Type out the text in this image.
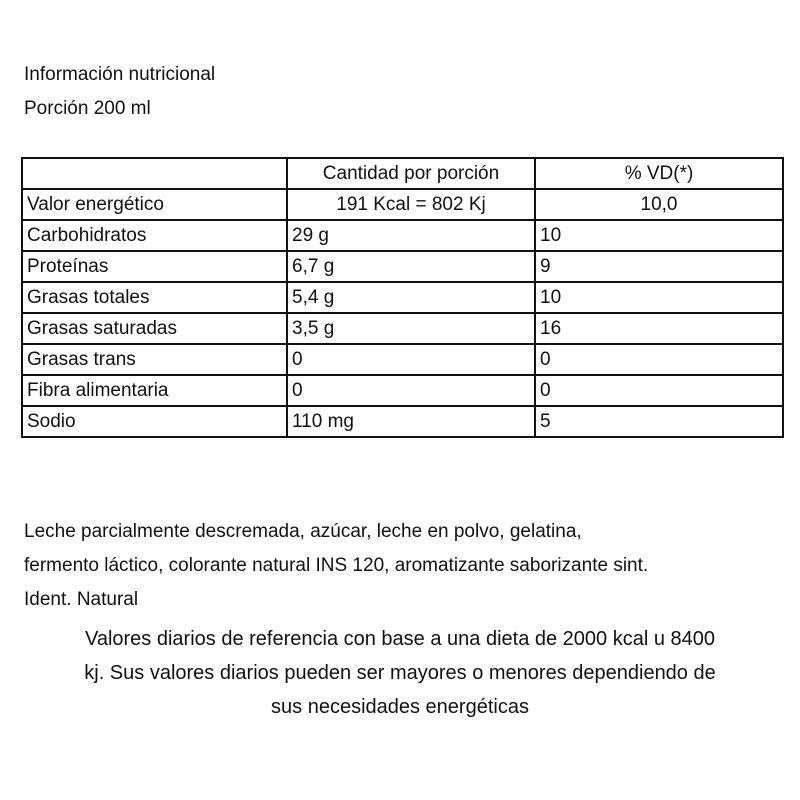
Información nutricional
Porción 200 ml
	Cantidad por porción	% VD(*)
Valor energético	191 Kcal = 802 Kj	10,0
Carbohidratos	29 g	10
Proteínas	6,7 g	9
Grasas totales	5,4 g	10
Grasas saturadas	3,5 g	16
Grasas trans	0	0
Fibra alimentaria	0	0
Sodio	110 mg	5
Leche parcialmente descremada, azúcar, leche en polvo, gelatina,
fermento láctico, colorante natural INS 120, aromatizante saborizante sint.
Ident. Natural
Valores diarios de referencia con base a una dieta de 2000 kcal u 8400
kj. Sus valores diarios pueden ser mayores o menores dependiendo de
sus necesidades energéticas
